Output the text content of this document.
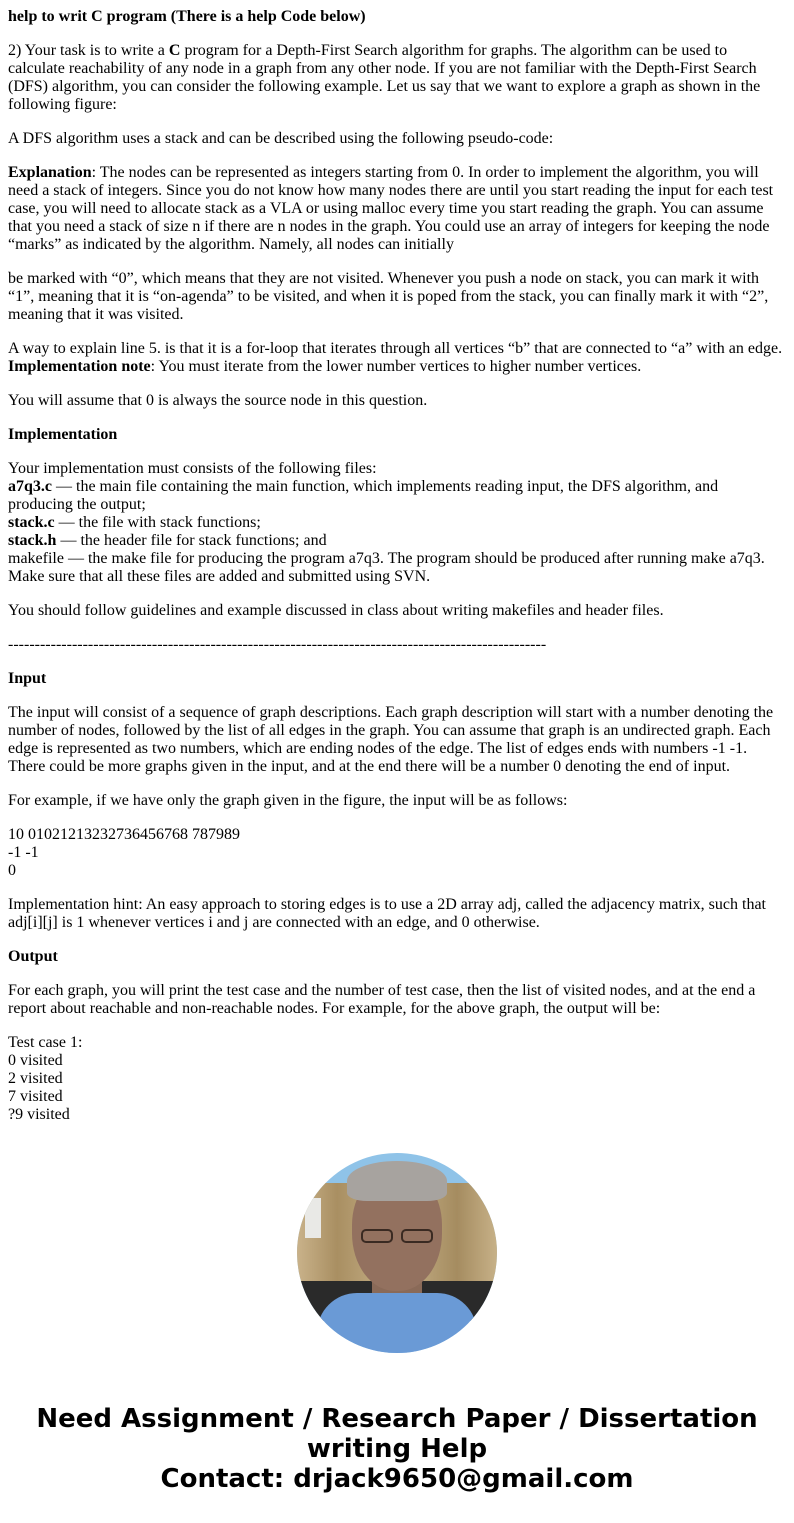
help to writ C program (There is a help Code below)

2) Your task is to write a C program for a Depth-First Search algorithm for graphs. The algorithm can be used to calculate reachability of any node in a graph from any other node. If you are not familiar with the Depth-First Search (DFS) algorithm, you can consider the following example. Let us say that we want to explore a graph as shown in the following figure:

A DFS algorithm uses a stack and can be described using the following pseudo-code:

Explanation: The nodes can be represented as integers starting from 0. In order to implement the algorithm, you will need a stack of integers. Since you do not know how many nodes there are until you start reading the input for each test case, you will need to allocate stack as a VLA or using malloc every time you start reading the graph. You can assume that you need a stack of size n if there are n nodes in the graph. You could use an array of integers for keeping the node “marks” as indicated by the algorithm. Namely, all nodes can initially

be marked with “0”, which means that they are not visited. Whenever you push a node on stack, you can mark it with “1”, meaning that it is “on-agenda” to be visited, and when it is poped from the stack, you can finally mark it with “2”, meaning that it was visited.

A way to explain line 5. is that it is a for-loop that iterates through all vertices “b” that are connected to “a” with an edge. Implementation note: You must iterate from the lower number vertices to higher number vertices.

You will assume that 0 is always the source node in this question.

Implementation

Your implementation must consists of the following files:
a7q3.c — the main file containing the main function, which implements reading input, the DFS algorithm, and producing the output;
stack.c — the file with stack functions;
stack.h — the header file for stack functions; and
makefile — the make file for producing the program a7q3. The program should be produced after running make a7q3. Make sure that all these files are added and submitted using SVN.

You should follow guidelines and example discussed in class about writing makefiles and header files.

-----------------------------------------------------------------------------------------------------

Input

The input will consist of a sequence of graph descriptions. Each graph description will start with a number denoting the number of nodes, followed by the list of all edges in the graph. You can assume that graph is an undirected graph. Each edge is represented as two numbers, which are ending nodes of the edge. The list of edges ends with numbers -1 -1. There could be more graphs given in the input, and at the end there will be a number 0 denoting the end of input.

For example, if we have only the graph given in the figure, the input will be as follows:

10 01021213232736456768 787989
-1 -1
0

Implementation hint: An easy approach to storing edges is to use a 2D array adj, called the adjacency matrix, such that adj[i][j] is 1 whenever vertices i and j are connected with an edge, and 0 otherwise.

Output

For each graph, you will print the test case and the number of test case, then the list of visited nodes, and at the end a report about reachable and non-reachable nodes. For example, for the above graph, the output will be:

Test case 1:
0 visited
2 visited
7 visited
?9 visited

Need Assignment / Research Paper / Dissertation writing Help
Contact: drjack9650@gmail.com
